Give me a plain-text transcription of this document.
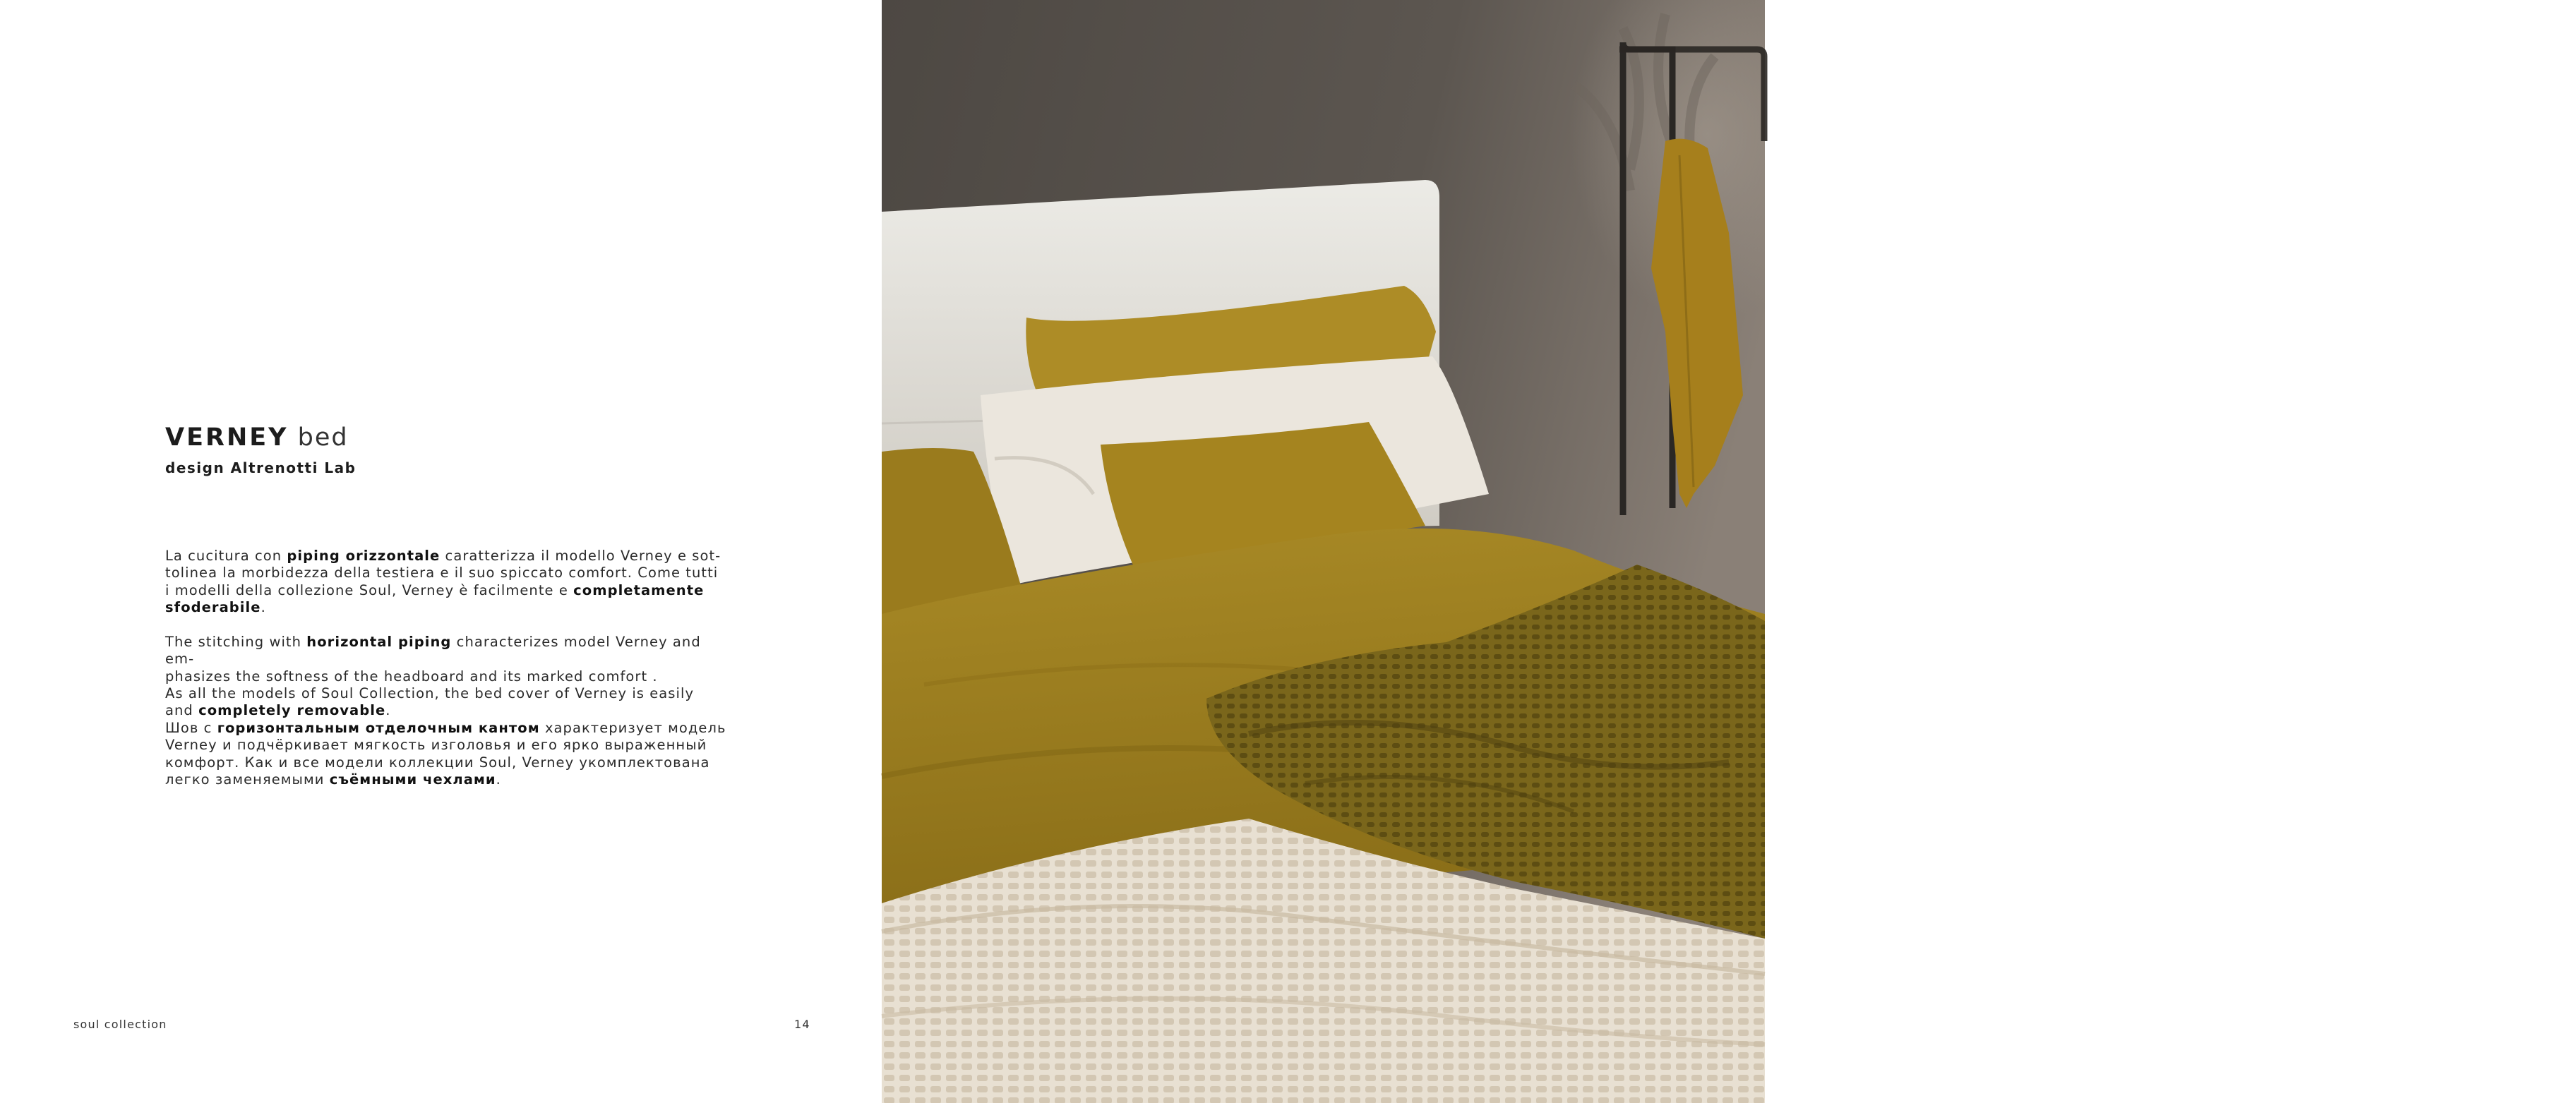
VERNEY bed
design Altrenotti Lab
La cucitura con piping orizzontale caratterizza il modello Verney e sot-
tolinea la morbidezza della testiera e il suo spiccato comfort. Come tutti
i modelli della collezione Soul, Verney è facilmente e completamente
sfoderabile.
The stitching with horizontal piping characterizes model Verney and em-
phasizes the softness of the headboard and its marked comfort .
As all the models of Soul Collection, the bed cover of Verney is easily
and completely removable.
Шов с горизонтальным отделочным кантом характеризует модель
Verney и подчёркивает мягкость изголовья и его ярко выраженный
комфорт. Как и все модели коллекции Soul, Verney укомплектована
легко заменяемыми съёмными чехлами.
soul collection	14	15
